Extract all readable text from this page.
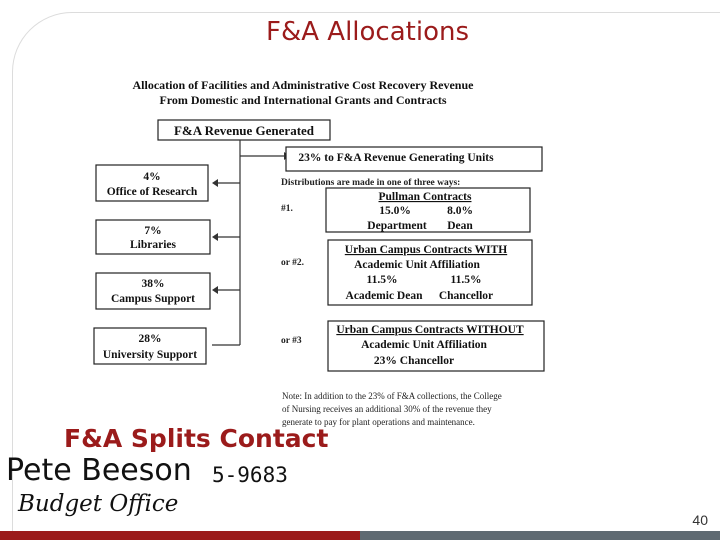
F&A Allocations
Allocation of Facilities and Administrative Cost Recovery Revenue
From Domestic and International Grants and Contracts
F&A Revenue Generated
4%
Office of Research
7%
Libraries
38%
Campus Support
28%
University Support
23% to F&A Revenue Generating Units
Distributions are made in one of three ways:
#1.
Pullman Contracts
15.0%	8.0%
Department Dean
or #2.
Urban Campus Contracts WITH
Academic Unit Affiliation
11.5%	11.5%
Academic Dean Chancellor
or #3
Urban Campus Contracts WITHOUT
Academic Unit Affiliation
23% Chancellor
Note: In addition to the 23% of F&A collections, the College
of Nursing receives an additional 30% of the revenue they
generate to pay for plant operations and maintenance.
F&A Splits Contact
Pete Beeson 5-9683
Budget Office
40
